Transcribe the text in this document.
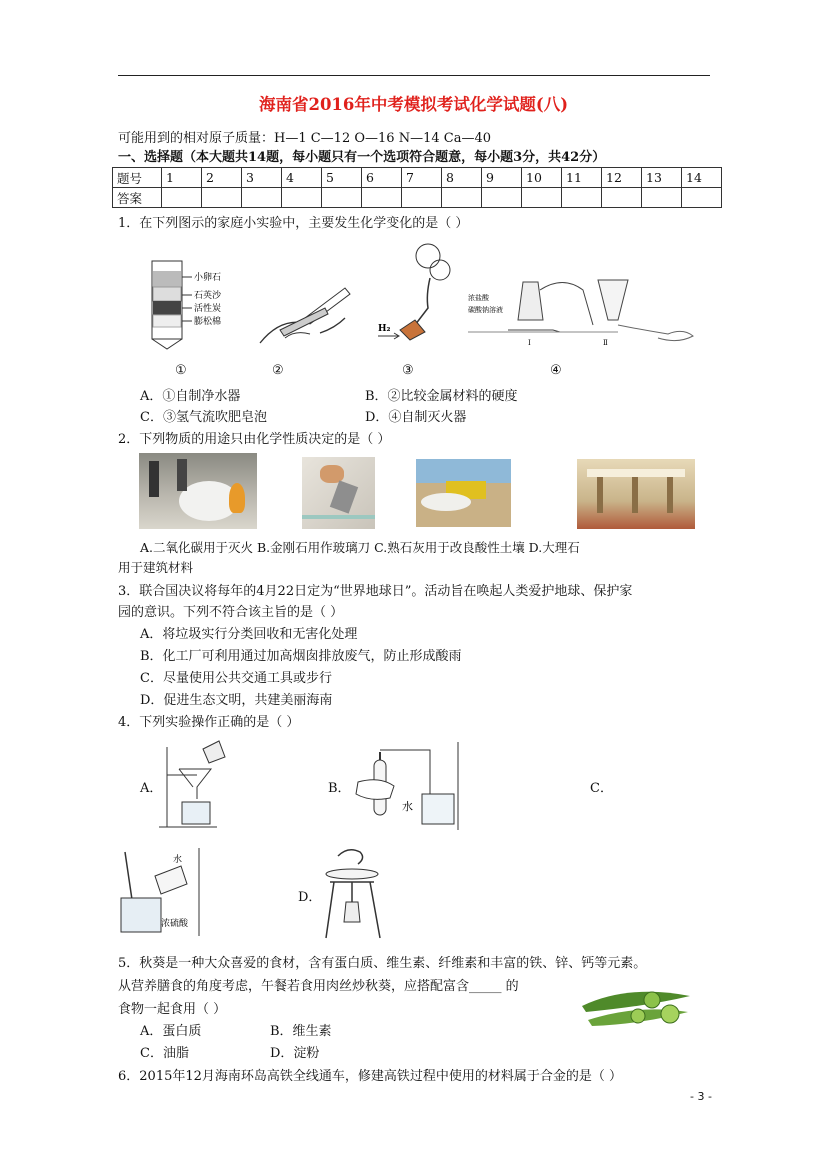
海南省2016年中考模拟考试化学试题(八)
可能用到的相对原子质量：H—1 C—12 O—16 N—14 Ca—40
一、选择题（本大题共14题，每小题只有一个选项符合题意，每小题3分，共42分）
题号	1	2	3	4	5	6	7	8	9	10	11	12	13	14
答案														
1．在下列图示的家庭小实验中，主要发生化学变化的是（ ）
小卵石
石英沙
活性炭
膨松棉
H₂
浓盐酸
碳酸钠溶液
Ⅰ	Ⅱ
①	②	③	④
A．①自制净水器	B．②比较金属材料的硬度
C．③氢气流吹肥皂泡	D．④自制灭火器
2．下列物质的用途只由化学性质决定的是（ ）
A.二氧化碳用于灭火 B.金刚石用作玻璃刀 C.熟石灰用于改良酸性土壤 D.大理石
用于建筑材料
3．联合国决议将每年的4月22日定为“世界地球日”。活动旨在唤起人类爱护地球、保护家
园的意识。下列不符合该主旨的是（ ）
A．将垃圾实行分类回收和无害化处理
B．化工厂可利用通过加高烟囱排放废气，防止形成酸雨
C．尽量使用公共交通工具或步行
D．促进生态文明，共建美丽海南
4．下列实验操作正确的是（ ）
A．	B．
水
C．
水
浓硫酸
D．
5．秋葵是一种大众喜爱的食材，含有蛋白质、维生素、纤维素和丰富的铁、锌、钙等元素。
从营养膳食的角度考虑，午餐若食用肉丝炒秋葵，应搭配富含_____ 的
食物一起食用（ ）
A．蛋白质	B．维生素
C．油脂	D．淀粉
6．2015年12月海南环岛高铁全线通车，修建高铁过程中使用的材料属于合金的是（ ）
- 3 -
